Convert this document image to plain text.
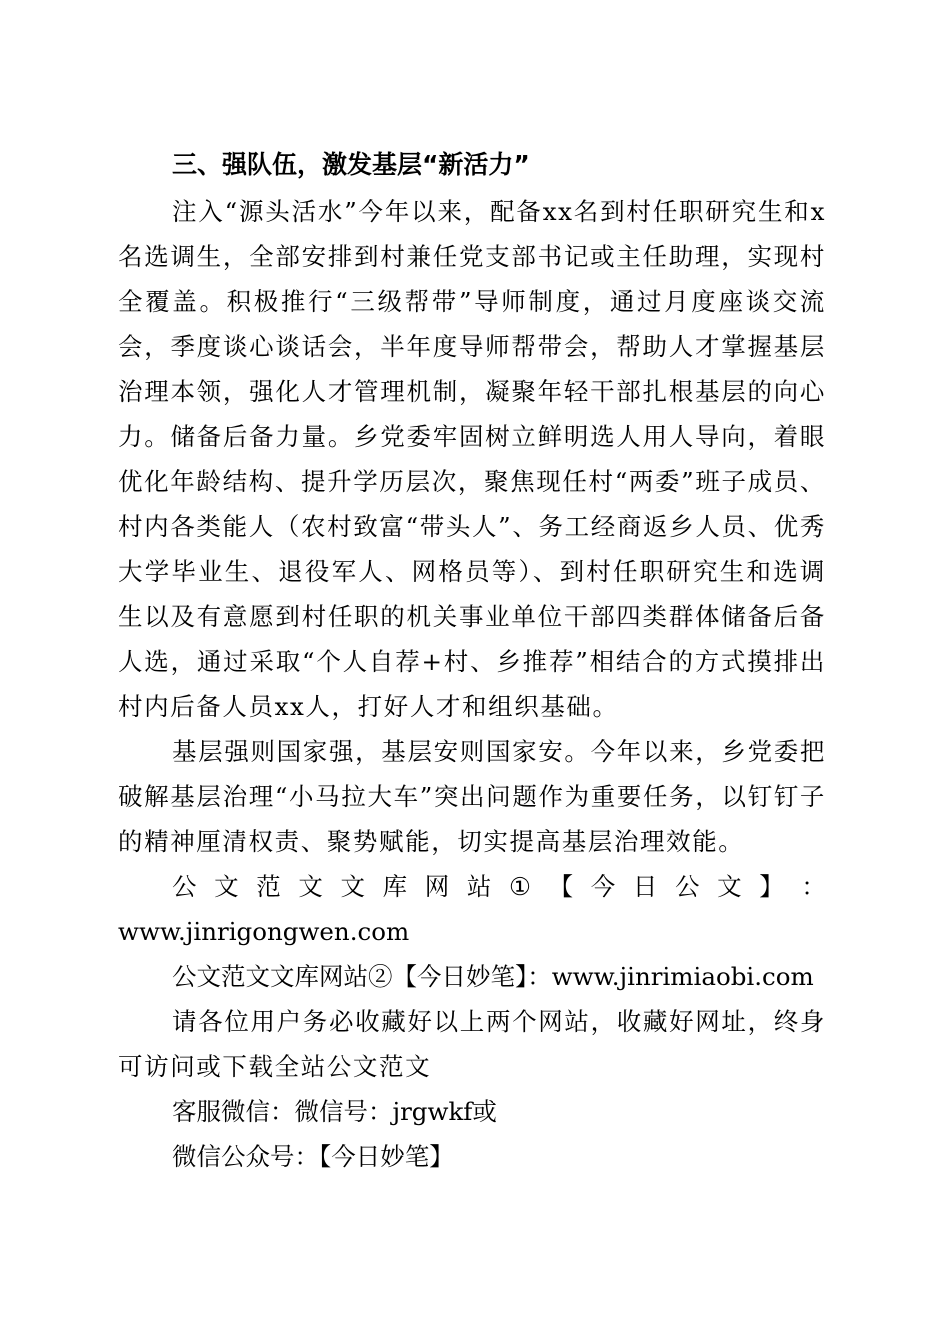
三、强队伍，激发基层“新活力”

注入“源头活水”今年以来，配备xx名到村任职研究生和x名选调生，全部安排到村兼任党支部书记或主任助理，实现村全覆盖。积极推行“三级帮带”导师制度，通过月度座谈交流会，季度谈心谈话会，半年度导师帮带会，帮助人才掌握基层治理本领，强化人才管理机制，凝聚年轻干部扎根基层的向心力。储备后备力量。乡党委牢固树立鲜明选人用人导向，着眼优化年龄结构、提升学历层次，聚焦现任村“两委”班子成员、村内各类能人（农村致富“带头人”、务工经商返乡人员、优秀大学毕业生、退役军人、网格员等）、到村任职研究生和选调生以及有意愿到村任职的机关事业单位干部四类群体储备后备人选，通过采取“个人自荐+村、乡推荐”相结合的方式摸排出村内后备人员xx人，打好人才和组织基础。

基层强则国家强，基层安则国家安。今年以来，乡党委把破解基层治理“小马拉大车”突出问题作为重要任务，以钉钉子的精神厘清权责、聚势赋能，切实提高基层治理效能。

公 文 范 文 文 库 网 站 ① 【 今 日 公 文 】 ：

www.jinrigongwen.com

公文范文文库网站②【今日妙笔】：www.jinrimiaobi.com

请各位用户务必收藏好以上两个网站，收藏好网址，终身可访问或下载全站公文范文

客服微信：微信号：jrgwkf或

微信公众号：【今日妙笔】
